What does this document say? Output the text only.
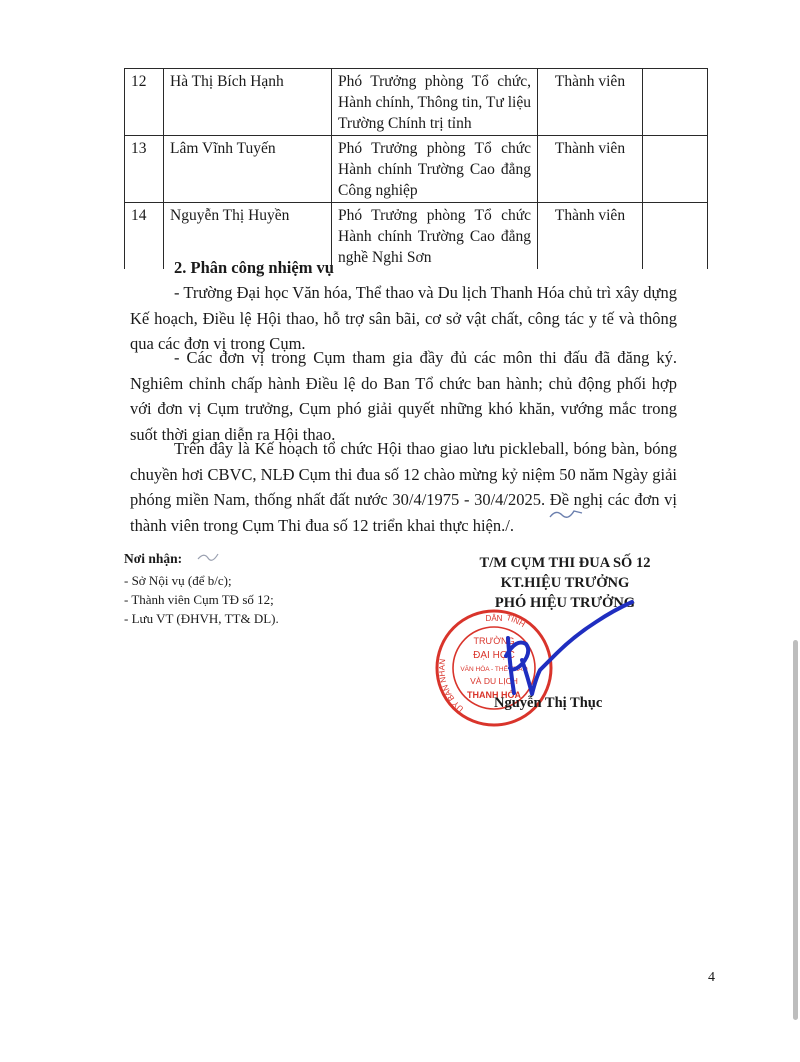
12	Hà Thị Bích Hạnh	Phó Trưởng phòng Tổ chức, Hành chính, Thông tin, Tư liệu Trường Chính trị tỉnh	Thành viên	
13	Lâm Vĩnh Tuyến	Phó Trưởng phòng Tổ chức Hành chính Trường Cao đẳng Công nghiệp	Thành viên	
14	Nguyễn Thị Huyền	Phó Trưởng phòng Tổ chức Hành chính Trường Cao đẳng nghề Nghi Sơn	Thành viên	
2. Phân công nhiệm vụ
- Trường Đại học Văn hóa, Thể thao và Du lịch Thanh Hóa chủ trì xây dựng Kế hoạch, Điều lệ Hội thao, hỗ trợ sân bãi, cơ sở vật chất, công tác y tế và thông qua các đơn vị trong Cụm.
- Các đơn vị trong Cụm tham gia đầy đủ các môn thi đấu đã đăng ký. Nghiêm chỉnh chấp hành Điều lệ do Ban Tổ chức ban hành; chủ động phối hợp với đơn vị Cụm trưởng, Cụm phó giải quyết những khó khăn, vướng mắc trong suốt thời gian diễn ra Hội thao.
Trên đây là Kế hoạch tổ chức Hội thao giao lưu pickleball, bóng bàn, bóng chuyền hơi CBVC, NLĐ Cụm thi đua số 12 chào mừng kỷ niệm 50 năm Ngày giải phóng miền Nam, thống nhất đất nước 30/4/1975 - 30/4/2025. Đề nghị các đơn vị thành viên trong Cụm Thi đua số 12 triển khai thực hiện./.
Nơi nhận:
- Sở Nội vụ (để b/c);
- Thành viên Cụm TĐ số 12;
- Lưu VT (ĐHVH, TT& DL).
T/M CỤM THI ĐUA SỐ 12
KT.HIỆU TRƯỞNG
PHÓ HIỆU TRƯỞNG
DÂN
ỦY BAN NHÂN
TỈNH
TRƯỜNG
ĐẠI HỌC
VĂN HÓA - THỂ THAO
VÀ DU LỊCH
THANH HÓA
Nguyễn Thị Thục
4
